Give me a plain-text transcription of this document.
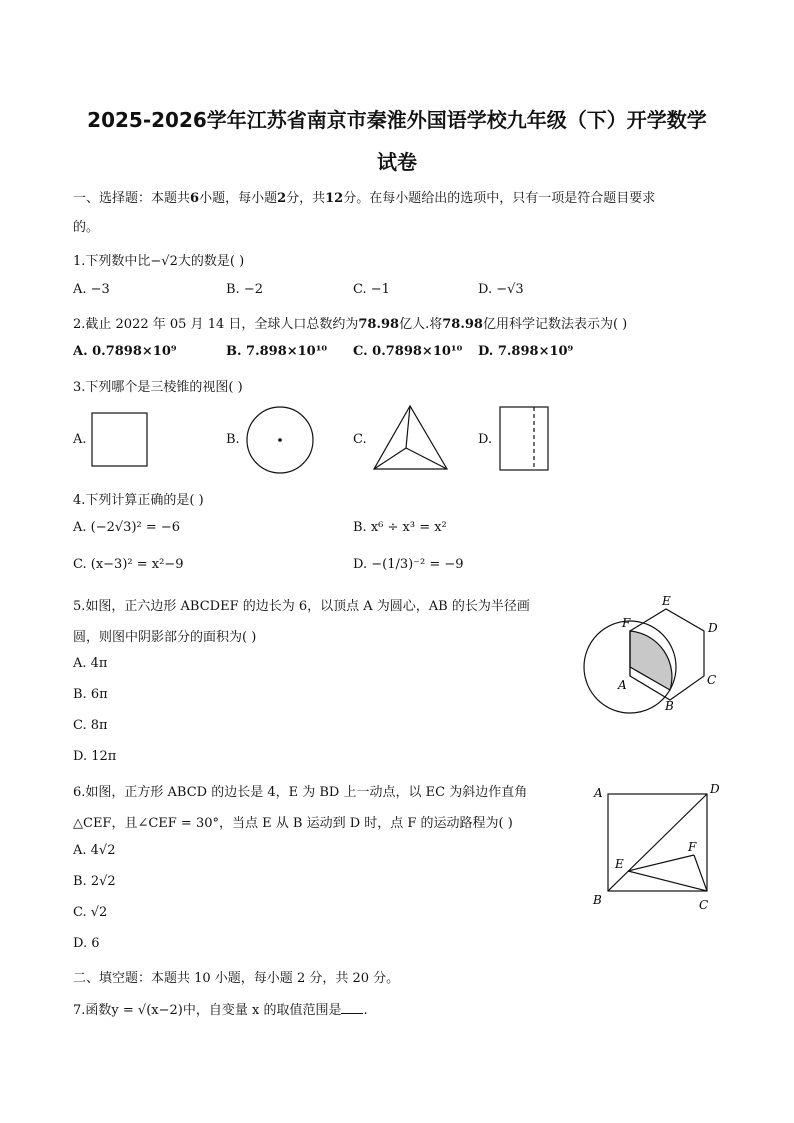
2025-2026学年江苏省南京市秦淮外国语学校九年级（下）开学数学
试卷
一、选择题：本题共6小题，每小题2分，共12分。在每小题给出的选项中，只有一项是符合题目要求
的。
1.下列数中比−√2大的数是( )
A. −3	B. −2	C. −1	D. −√3
2.截止 2022 年 05 月 14 日，全球人口总数约为78.98亿人.将78.98亿用科学记数法表示为( )
A. 0.7898×10⁹	B. 7.898×10¹⁰ C. 0.7898×10¹⁰ D. 7.898×10⁹
3.下列哪个是三棱锥的视图( )
A.	B.	C.	D.
4.下列计算正确的是( )
A. (−2√3)² = −6	B. x⁶ ÷ x³ = x²
C. (x−3)² = x²−9	D. −(1/3)⁻² = −9
5.如图，正六边形 ABCDEF 的边长为 6，以顶点 A 为圆心，AB 的长为半径画
圆，则图中阴影部分的面积为( )
A. 4π
B. 6π
C. 8π
D. 12π
E
F	D
A	C
B
6.如图，正方形 ABCD 的边长是 4，E 为 BD 上一动点，以 EC 为斜边作直角
△CEF，且∠CEF = 30°，当点 E 从 B 运动到 D 时，点 F 的运动路程为( )
A. 4√2
B. 2√2
C. √2
D. 6
A	D
E
F
B	C
二、填空题：本题共 10 小题，每小题 2 分，共 20 分。
7.函数y = √(x−2)中，自变量 x 的取值范围是 .
